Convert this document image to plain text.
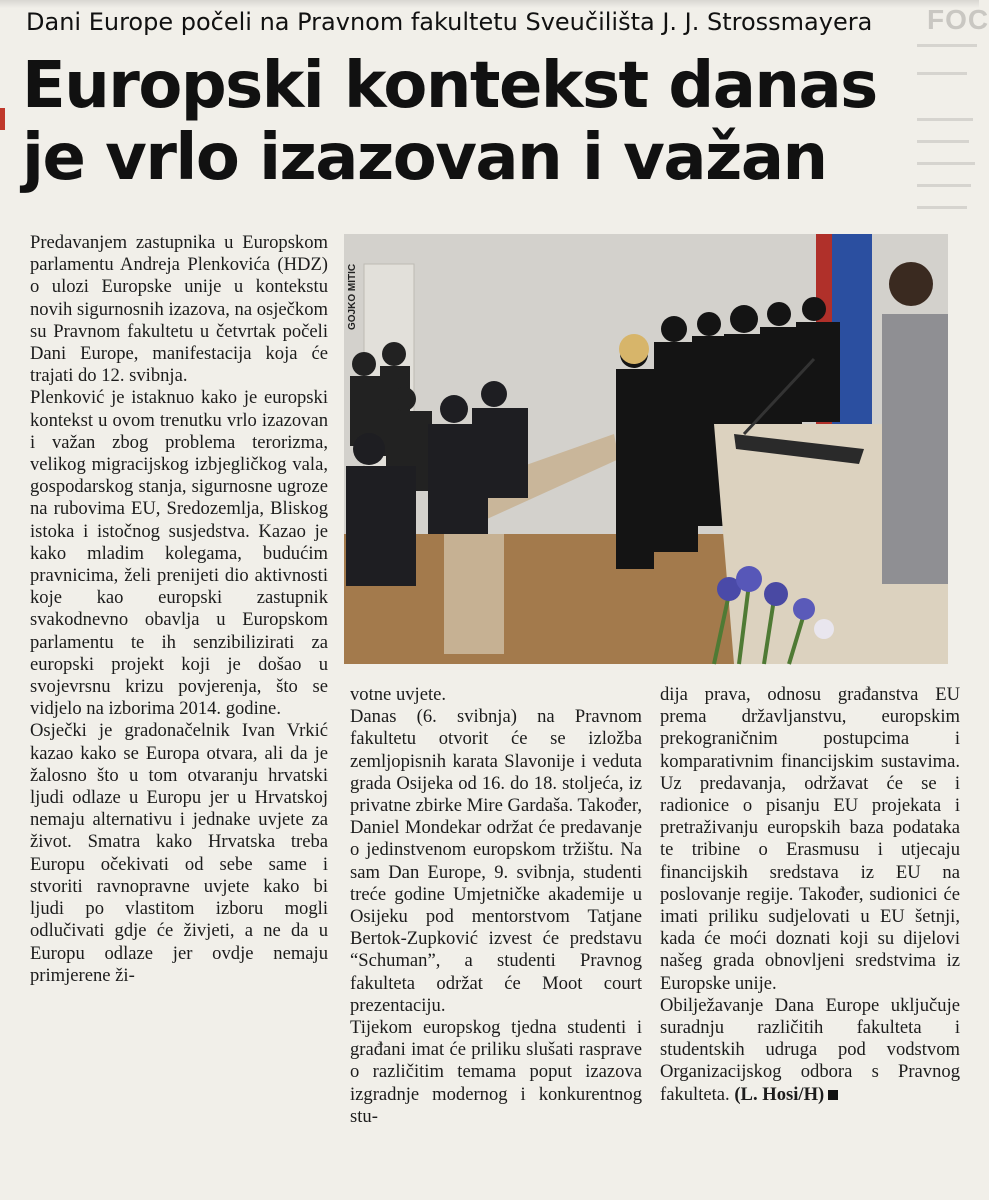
FOC
Dani Europe počeli na Pravnom fakultetu Sveučilišta J. J. Strossmayera
Europski kontekst danas je vrlo izazovan i važan
GOJKO MITIC

Predavanjem zastupnika u Europskom parlamentu Andreja Plenkovića (HDZ) o ulozi Europske unije u kontekstu novih sigurnosnih izazova, na osječkom su Pravnom fakultetu u četvrtak počeli Dani Europe, manifestacija koja će trajati do 12. svibnja.

Plenković je istaknuo kako je europski kontekst u ovom trenutku vrlo izazovan i važan zbog problema terorizma, velikog migracijskog izbjegličkog vala, gospodarskog stanja, sigurnosne ugroze na rubovima EU, Sredozemlja, Bliskog istoka i istočnog susjedstva. Kazao je kako mladim kolegama, budućim pravnicima, želi prenijeti dio aktivnosti koje kao europski zastupnik svakodnevno obavlja u Europskom parlamentu te ih senzibilizirati za europski projekt koji je došao u svojevrsnu krizu povjerenja, što se vidjelo na izborima 2014. godine.

Osječki je gradonačelnik Ivan Vrkić kazao kako se Europa otvara, ali da je žalosno što u tom otvaranju hrvatski ljudi odlaze u Europu jer u Hrvatskoj nemaju alternativu i jednake uvjete za život. Smatra kako Hrvatska treba Europu očekivati od sebe same i stvoriti ravnopravne uvjete kako bi ljudi po vlastitom izboru mogli odlučivati gdje će živjeti, a ne da u Europu odlaze jer ovdje nemaju primjerene ži-

votne uvjete.

Danas (6. svibnja) na Pravnom fakultetu otvorit će se izložba zemljopisnih karata Slavonije i veduta grada Osijeka od 16. do 18. stoljeća, iz privatne zbirke Mire Gardaša. Također, Daniel Mondekar održat će predavanje o jedinstvenom europskom tržištu. Na sam Dan Europe, 9. svibnja, studenti treće godine Umjetničke akademije u Osijeku pod mentorstvom Tatjane Bertok-Zupković izvest će predstavu “Schuman”, a studenti Pravnog fakulteta održat će Moot court prezentaciju.

Tijekom europskog tjedna studenti i građani imat će priliku slušati rasprave o različitim temama poput izazova izgradnje modernog i konkurentnog stu-

dija prava, odnosu građanstva EU prema državljanstvu, europskim prekograničnim postupcima i komparativnim financijskim sustavima. Uz predavanja, održavat će se i radionice o pisanju EU projekata i pretraživanju europskih baza podataka te tribine o Erasmusu i utjecaju financijskih sredstava iz EU na poslovanje regije. Također, sudionici će imati priliku sudjelovati u EU šetnji, kada će moći doznati koji su dijelovi našeg grada obnovljeni sredstvima iz Europske unije.

Obilježavanje Dana Europe uključuje suradnju različitih fakulteta i studentskih udruga pod vodstvom Organizacijskog odbora s Pravnog fakulteta. (L. Hosi/H)
